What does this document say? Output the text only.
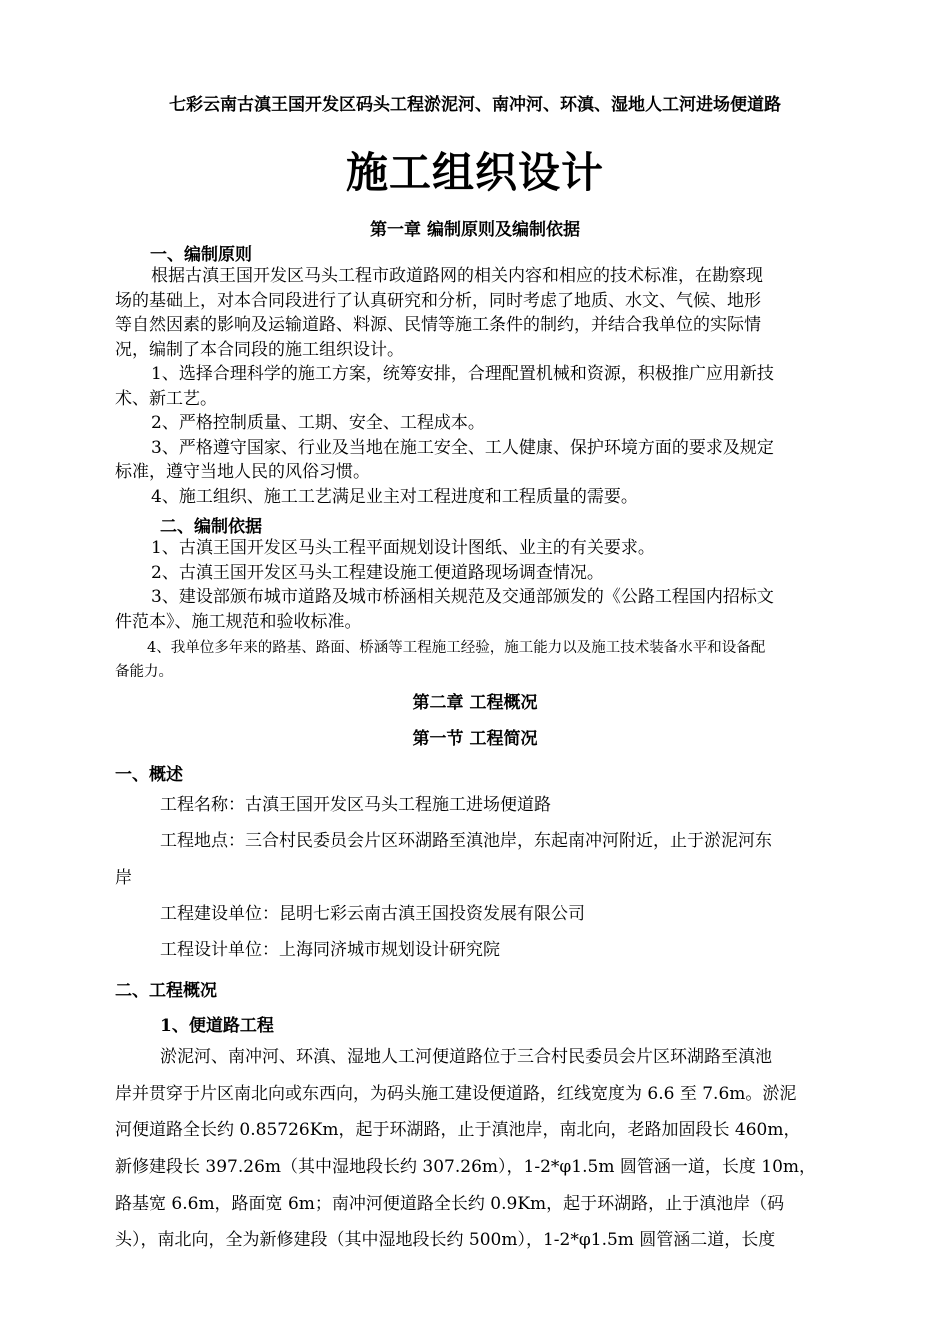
七彩云南古滇王国开发区码头工程淤泥河、南冲河、环滇、湿地人工河进场便道路
施工组织设计
第一章 编制原则及编制依据
一、编制原则
根据古滇王国开发区马头工程市政道路网的相关内容和相应的技术标准，在勘察现
场的基础上，对本合同段进行了认真研究和分析，同时考虑了地质、水文、气候、地形
等自然因素的影响及运输道路、料源、民情等施工条件的制约，并结合我单位的实际情
况，编制了本合同段的施工组织设计。
1、选择合理科学的施工方案，统筹安排，合理配置机械和资源，积极推广应用新技
术、新工艺。
2、严格控制质量、工期、安全、工程成本。
3、严格遵守国家、行业及当地在施工安全、工人健康、保护环境方面的要求及规定
标准，遵守当地人民的风俗习惯。
4、施工组织、施工工艺满足业主对工程进度和工程质量的需要。
二、编制依据
1、古滇王国开发区马头工程平面规划设计图纸、业主的有关要求。
2、古滇王国开发区马头工程建设施工便道路现场调查情况。
3、建设部颁布城市道路及城市桥涵相关规范及交通部颁发的《公路工程国内招标文
件范本》、施工规范和验收标准。
4、我单位多年来的路基、路面、桥涵等工程施工经验，施工能力以及施工技术装备水平和设备配
备能力。
第二章 工程概况
第一节 工程简况
一、概述
工程名称：古滇王国开发区马头工程施工进场便道路
工程地点：三合村民委员会片区环湖路至滇池岸，东起南冲河附近，止于淤泥河东
岸
工程建设单位：昆明七彩云南古滇王国投资发展有限公司
工程设计单位：上海同济城市规划设计研究院
二、工程概况
1、便道路工程
淤泥河、南冲河、环滇、湿地人工河便道路位于三合村民委员会片区环湖路至滇池
岸并贯穿于片区南北向或东西向，为码头施工建设便道路，红线宽度为 6.6 至 7.6m。淤泥
河便道路全长约 0.85726Km，起于环湖路，止于滇池岸，南北向，老路加固段长 460m，
新修建段长 397.26m（其中湿地段长约 307.26m），1-2*φ1.5m 圆管涵一道，长度 10m，
路基宽 6.6m，路面宽 6m；南冲河便道路全长约 0.9Km，起于环湖路，止于滇池岸（码
头），南北向，全为新修建段（其中湿地段长约 500m），1-2*φ1.5m 圆管涵二道，长度
